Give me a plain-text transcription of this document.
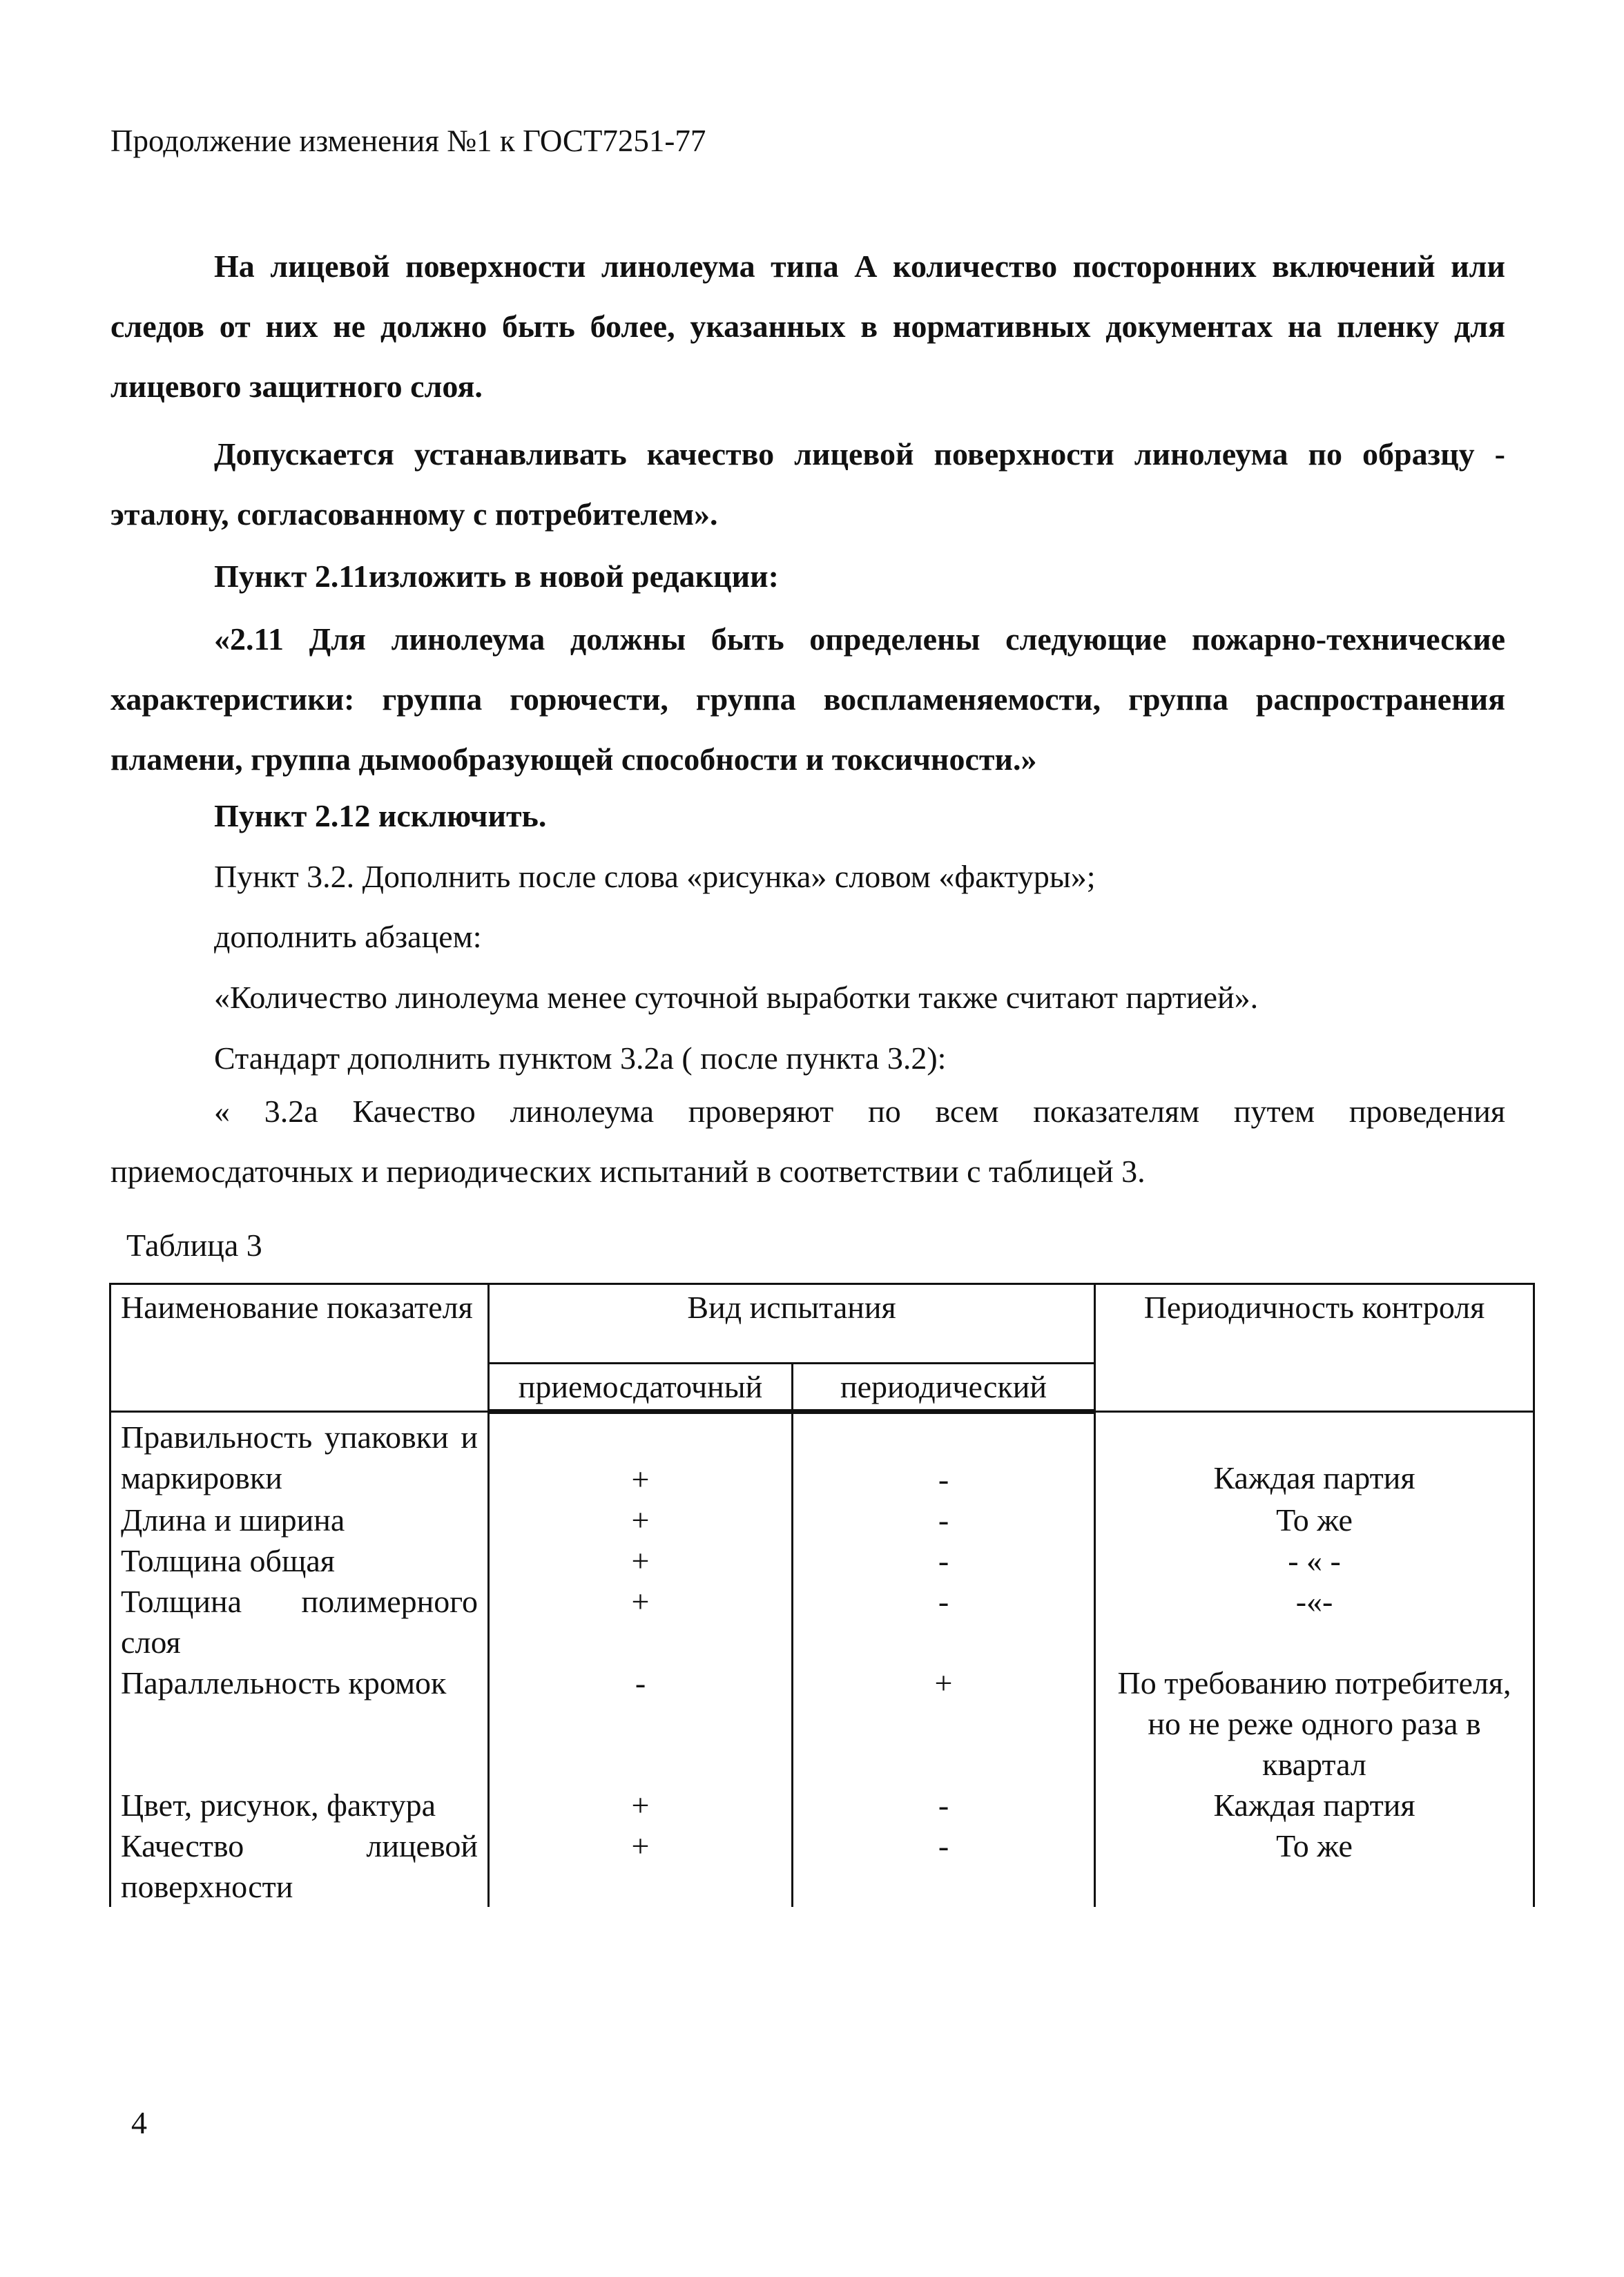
Продолжение изменения №1 к ГОСТ7251-77

На лицевой поверхности линолеума типа А количество посторонних включений или следов от них не должно быть более, указанных в нормативных документах на пленку для лицевого защитного слоя.

Допускается устанавливать качество лицевой поверхности линолеума по образцу - эталону, согласованному с потребителем».

Пункт 2.11изложить в новой редакции:

«2.11 Для линолеума должны быть определены следующие пожарно-технические характеристики: группа горючести, группа воспламеняемости, группа распространения пламени, группа дымообразующей способности и токсичности.»

Пункт 2.12 исключить.
Пункт 3.2. Дополнить после слова «рисунка» словом «фактуры»;
дополнить абзацем:
«Количество линолеума менее суточной выработки также считают партией».
Стандарт дополнить пунктом 3.2а ( после пункта 3.2):

« 3.2а Качество линолеума проверяют по всем показателям путем проведения приемосдаточных и периодических испытаний в соответствии с таблицей 3.

Таблица 3
Наименование показателя	Вид испытания		Периодичность контроля
	приемосдаточный	периодический	
Правильность упаковки и маркировки	+	-	Каждая партия

Длина и ширина	+	-	То же
Толщина общая	+	-	- « -
Толщина полимерного слоя	+	-	-«-
Параллельность кромок	-	+	По требованию потребителя, но не реже одного раза в квартал
Цвет, рисунок, фактура	+	-	Каждая партия
Качество лицевой поверхности	+	-	То же
4
